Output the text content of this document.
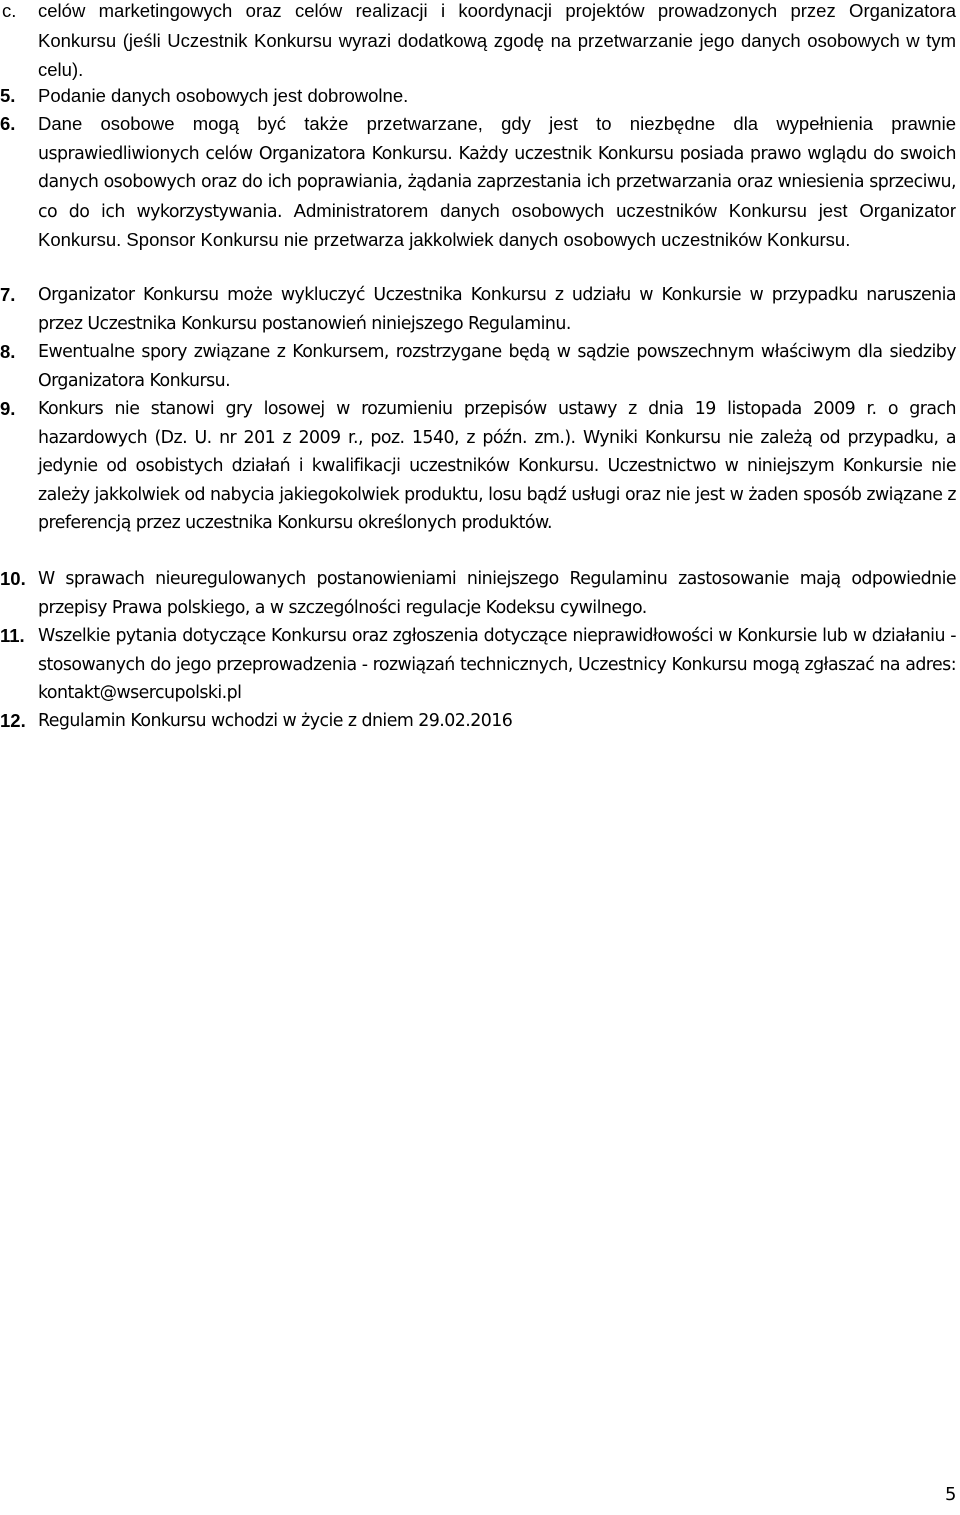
c. celów marketingowych oraz celów realizacji i koordynacji projektów prowadzonych przez Organizatora Konkursu (jeśli Uczestnik Konkursu wyrazi dodatkową zgodę na przetwarzanie jego danych osobowych w tym celu).
5. Podanie danych osobowych jest dobrowolne.
6. Dane osobowe mogą być także przetwarzane, gdy jest to niezbędne dla wypełnienia prawnie usprawiedliwionych celów Organizatora Konkursu. Każdy uczestnik Konkursu posiada prawo wglądu do swoich danych osobowych oraz do ich poprawiania, żądania zaprzestania ich przetwarzania oraz wniesienia sprzeciwu, co do ich wykorzystywania. Administratorem danych osobowych uczestników Konkursu jest Organizator Konkursu. Sponsor Konkursu nie przetwarza jakkolwiek danych osobowych uczestników Konkursu.
7. Organizator Konkursu może wykluczyć Uczestnika Konkursu z udziału w Konkursie w przypadku naruszenia przez Uczestnika Konkursu postanowień niniejszego Regulaminu.
8. Ewentualne spory związane z Konkursem, rozstrzygane będą w sądzie powszechnym właściwym dla siedziby Organizatora Konkursu.
9. Konkurs nie stanowi gry losowej w rozumieniu przepisów ustawy z dnia 19 listopada 2009 r. o grach hazardowych (Dz. U. nr 201 z 2009 r., poz. 1540, z późn. zm.). Wyniki Konkursu nie zależą od przypadku, a jedynie od osobistych działań i kwalifikacji uczestników Konkursu. Uczestnictwo w niniejszym Konkursie nie zależy jakkolwiek od nabycia jakiegokolwiek produktu, losu bądź usługi oraz nie jest w żaden sposób związane z preferencją przez uczestnika Konkursu określonych produktów.
10. W sprawach nieuregulowanych postanowieniami niniejszego Regulaminu zastosowanie mają odpowiednie przepisy Prawa polskiego, a w szczególności regulacje Kodeksu cywilnego.
11. Wszelkie pytania dotyczące Konkursu oraz zgłoszenia dotyczące nieprawidłowości w Konkursie lub w działaniu - stosowanych do jego przeprowadzenia - rozwiązań technicznych, Uczestnicy Konkursu mogą zgłaszać na adres: kontakt@wsercupolski.pl
12. Regulamin Konkursu wchodzi w życie z dniem 29.02.2016
5
